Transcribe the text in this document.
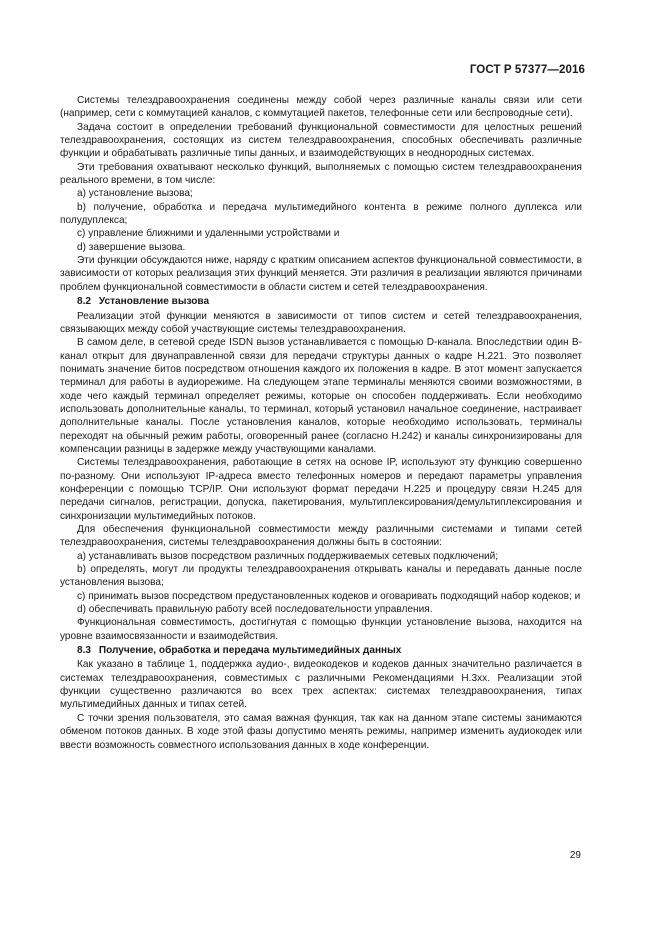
ГОСТ Р 57377—2016

Системы телездравоохранения соединены между собой через различные каналы связи или сети (например, сети с коммутацией каналов, с коммутацией пакетов, телефонные сети или беспроводные сети).

Задача состоит в определении требований функциональной совместимости для целостных решений телездравоохранения, состоящих из систем телездравоохранения, способных обеспечивать различные функции и обрабатывать различные типы данных, и взаимодействующих в неоднородных системах.

Эти требования охватывают несколько функций, выполняемых с помощью систем телездравоохранения реального времени, в том числе:

a) установление вызова;

b) получение, обработка и передача мультимедийного контента в режиме полного дуплекса или полудуплекса;

c) управление ближними и удаленными устройствами и

d) завершение вызова.

Эти функции обсуждаются ниже, наряду с кратким описанием аспектов функциональной совместимости, в зависимости от которых реализация этих функций меняется. Эти различия в реализации являются причинами проблем функциональной совместимости в области систем и сетей телездравоохранения.

8.2 Установление вызова

Реализации этой функции меняются в зависимости от типов систем и сетей телездравоохранения, связывающих между собой участвующие системы телездравоохранения.

В самом деле, в сетевой среде ISDN вызов устанавливается с помощью D-канала. Впоследствии один B-канал открыт для двунаправленной связи для передачи структуры данных о кадре H.221. Это позволяет понимать значение битов посредством отношения каждого их положения в кадре. В этот момент запускается терминал для работы в аудиорежиме. На следующем этапе терминалы меняются своими возможностями, в ходе чего каждый терминал определяет режимы, которые он способен поддерживать. Если необходимо использовать дополнительные каналы, то терминал, который установил начальное соединение, настраивает дополнительные каналы. После установления каналов, которые необходимо использовать, терминалы переходят на обычный режим работы, оговоренный ранее (согласно H.242) и каналы синхронизированы для компенсации разницы в задержке между участвующими каналами.

Системы телездравоохранения, работающие в сетях на основе IP, используют эту функцию совершенно по-разному. Они используют IP-адреса вместо телефонных номеров и передают параметры управления конференции с помощью TCP/IP. Они используют формат передачи H.225 и процедуру связи H.245 для передачи сигналов, регистрации, допуска, пакетирования, мультиплексирования/демультиплексирования и синхронизации мультимедийных потоков.

Для обеспечения функциональной совместимости между различными системами и типами сетей телездравоохранения, системы телездравоохранения должны быть в состоянии:

a) устанавливать вызов посредством различных поддерживаемых сетевых подключений;

b) определять, могут ли продукты телездравоохранения открывать каналы и передавать данные после установления вызова;

c) принимать вызов посредством предустановленных кодеков и оговаривать подходящий набор кодеков; и

d) обеспечивать правильную работу всей последовательности управления.

Функциональная совместимость, достигнутая с помощью функции установление вызова, находится на уровне взаимосвязанности и взаимодействия.

8.3 Получение, обработка и передача мультимедийных данных

Как указано в таблице 1, поддержка аудио-, видеокодеков и кодеков данных значительно различается в системах телездравоохранения, совместимых с различными Рекомендациями H.3xx. Реализации этой функции существенно различаются во всех трех аспектах: системах телездравоохранения, типах мультимедийных данных и типах сетей.

С точки зрения пользователя, это самая важная функция, так как на данном этапе системы занимаются обменом потоков данных. В ходе этой фазы допустимо менять режимы, например изменить аудиокодек или ввести возможность совместного использования данных в ходе конференции.

29
